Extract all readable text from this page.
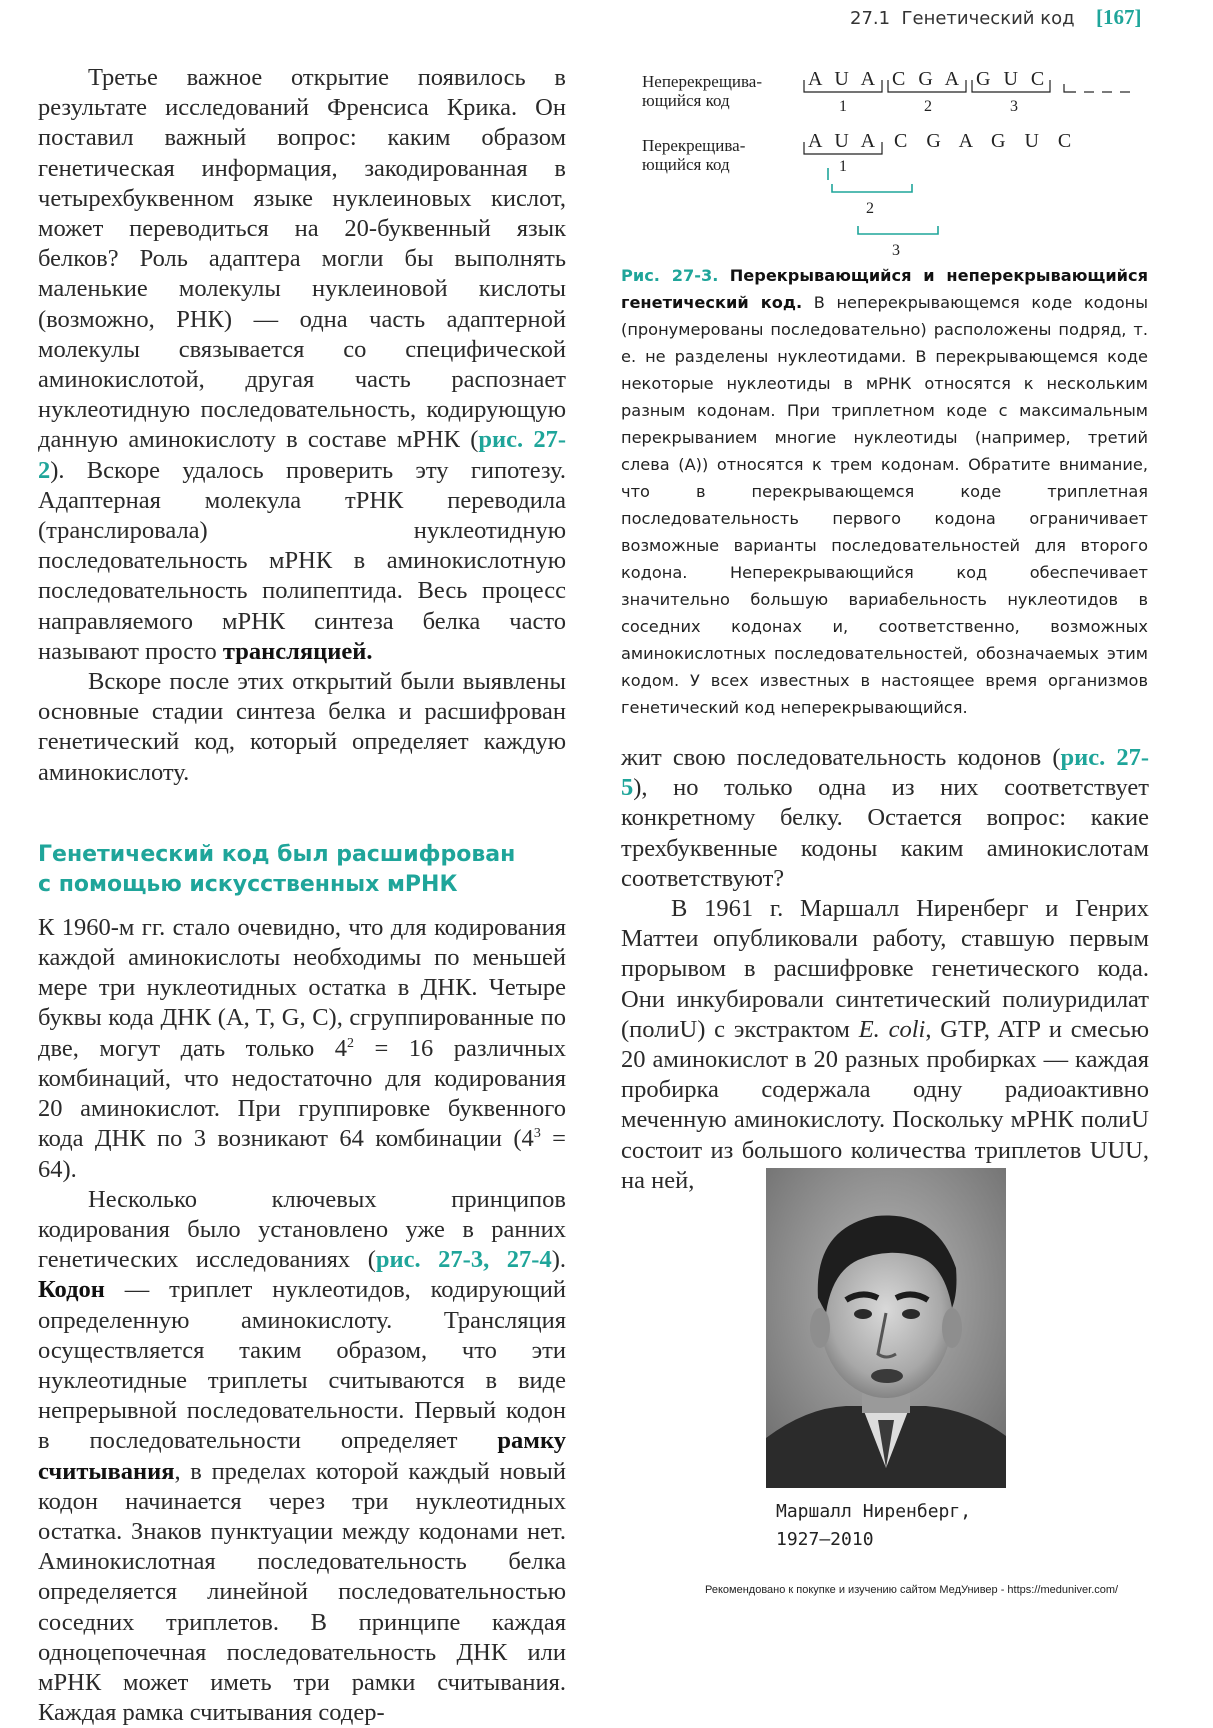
27.1  Генетический код [167]

Третье важное открытие появилось в результате исследований Френсиса Крика. Он поставил важный вопрос: каким образом генетическая информация, закодированная в четырехбуквенном языке нуклеиновых кислот, может переводиться на 20-буквенный язык белков? Роль адаптера могли бы выполнять маленькие молекулы нуклеиновой кислоты (возможно, РНК) — одна часть адаптерной молекулы связывается со специфической аминокислотой, другая часть распознает нуклеотидную последовательность, кодирующую данную аминокислоту в составе мРНК (рис. 27-2). Вскоре удалось проверить эту гипотезу. Адаптерная молекула тРНК переводила (транслировала) нуклеотидную последовательность мРНК в аминокислотную последовательность полипептида. Весь процесс направляемого мРНК синтеза белка часто называют просто трансляцией.

Вскоре после этих открытий были выявлены основные стадии синтеза белка и расшифрован генетический код, который определяет каждую аминокислоту.

Генетический код был расшифрован
с помощью искусственных мРНК

К 1960-м гг. стало очевидно, что для кодирования каждой аминокислоты необходимы по меньшей мере три нуклеотидных остатка в ДНК. Четыре буквы кода ДНК (A, T, G, C), сгруппированные по две, могут дать только $4^2 = 16$ различных комбинаций, что недостаточно для кодирования 20 аминокислот. При группировке буквенного кода ДНК по 3 возникают 64 комбинации $(4^3 = 64)$.

Несколько ключевых принципов кодирования было установлено уже в ранних генетических исследованиях (рис. 27-3, 27-4). Кодон — триплет нуклеотидов, кодирующий определенную аминокислоту. Трансляция осуществляется таким образом, что эти нуклеотидные триплеты считываются в виде непрерывной последовательности. Первый кодон в последовательности определяет рамку считывания, в пределах которой каждый новый кодон начинается через три нуклеотидных остатка. Знаков пунктуации между кодонами нет. Аминокислотная последовательность белка определяется линейной последовательностью соседних триплетов. В принципе каждая одноцепочечная последовательность ДНК или мРНК может иметь три рамки считывания. Каждая рамка считывания содер-

Неперекрещива-
ющийся код
Перекрещива-
ющийся код
A U A C G A G U C
1	2	3
A U A C G A G U C
1
2
3
Рис. 27-3. Перекрывающийся и неперекрывающийся генетический код. В неперекрывающемся коде кодоны (пронумерованы последовательно) расположены подряд, т. е. не разделены нуклеотидами. В перекрывающемся коде некоторые нуклеотиды в мРНК относятся к нескольким разным кодонам. При триплетном коде с максимальным перекрыванием многие нуклеотиды (например, третий слева (A)) относятся к трем кодонам. Обратите внимание, что в перекрывающемся коде триплетная последовательность первого кодона ограничивает возможные варианты последовательностей для второго кодона. Неперекрывающийся код обеспечивает значительно большую вариабельность нуклеотидов в соседних кодонах и, соответственно, возможных аминокислотных последовательностей, обозначаемых этим кодом. У всех известных в настоящее время организмов генетический код неперекрывающийся.

жит свою последовательность кодонов (рис. 27-5), но только одна из них соответствует конкретному белку. Остается вопрос: какие трехбуквенные кодоны каким аминокислотам соответствуют?

В 1961 г. Маршалл Ниренберг и Генрих Маттеи опубликовали работу, ставшую первым прорывом в расшифровке генетического кода. Они инкубировали синтетический полиуридилат (полиU) с экстрактом E. coli, GTP, ATP и смесью 20 аминокислот в 20 разных пробирках — каждая пробирка содержала одну радиоактивно меченную аминокислоту. Поскольку мРНК полиU состоит из большого количества триплетов UUU, на ней,

Маршалл Ниренберг,
1927–2010
Рекомендовано к покупке и изучению сайтом МедУнивер - https://meduniver.com/
